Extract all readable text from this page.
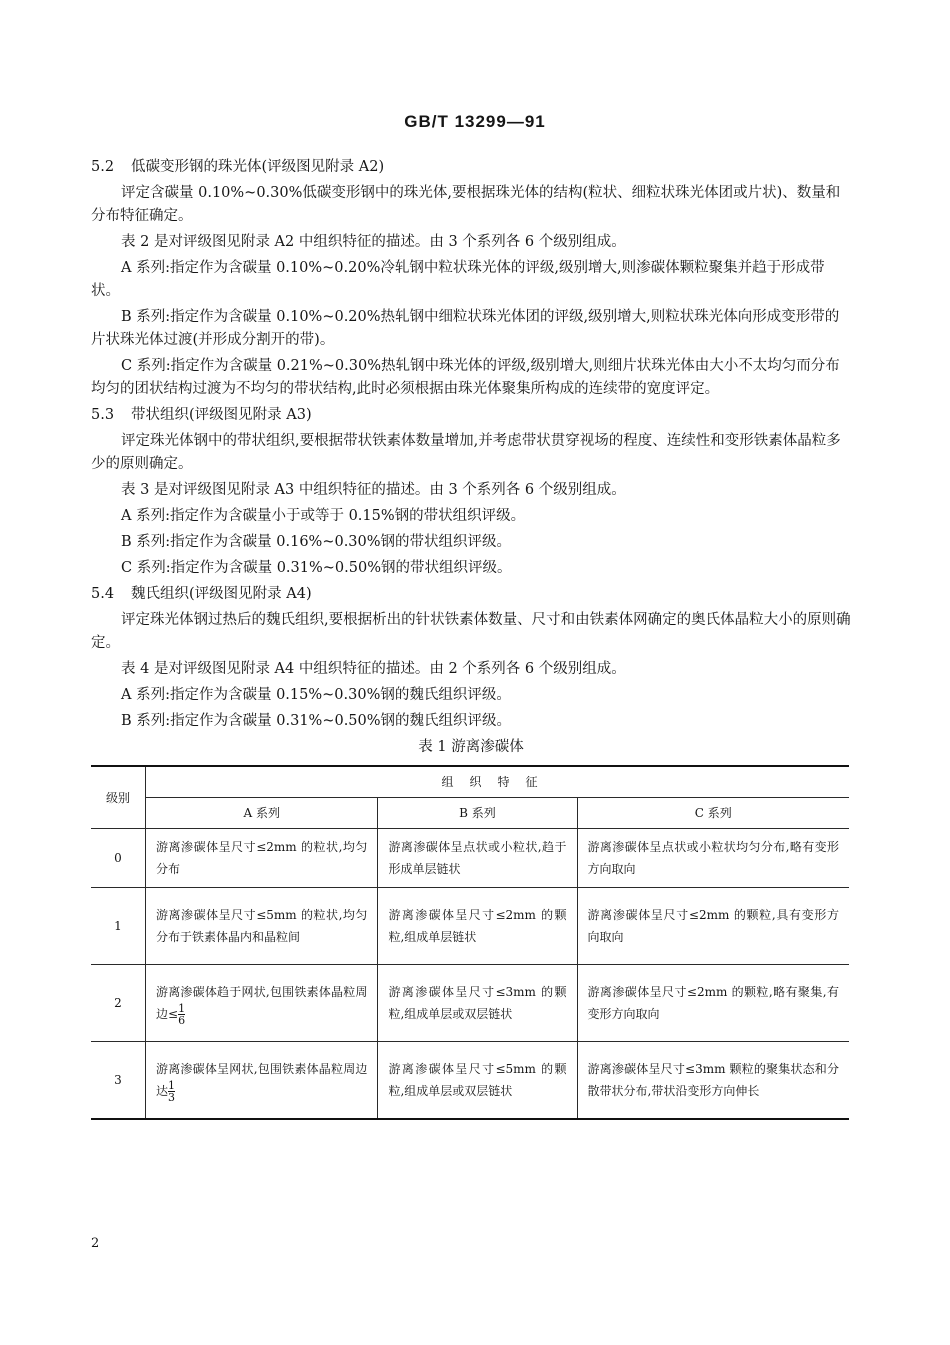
GB/T 13299—91

5.2 低碳变形钢的珠光体(评级图见附录 A2)

评定含碳量 0.10%~0.30%低碳变形钢中的珠光体,要根据珠光体的结构(粒状、细粒状珠光体团或片状)、数量和分布特征确定。

表 2 是对评级图见附录 A2 中组织特征的描述。由 3 个系列各 6 个级别组成。

A 系列:指定作为含碳量 0.10%~0.20%冷轧钢中粒状珠光体的评级,级别增大,则渗碳体颗粒聚集并趋于形成带状。

B 系列:指定作为含碳量 0.10%~0.20%热轧钢中细粒状珠光体团的评级,级别增大,则粒状珠光体向形成变形带的片状珠光体过渡(并形成分割开的带)。

C 系列:指定作为含碳量 0.21%~0.30%热轧钢中珠光体的评级,级别增大,则细片状珠光体由大小不太均匀而分布均匀的团状结构过渡为不均匀的带状结构,此时必须根据由珠光体聚集所构成的连续带的宽度评定。

5.3 带状组织(评级图见附录 A3)

评定珠光体钢中的带状组织,要根据带状铁素体数量增加,并考虑带状贯穿视场的程度、连续性和变形铁素体晶粒多少的原则确定。

表 3 是对评级图见附录 A3 中组织特征的描述。由 3 个系列各 6 个级别组成。

A 系列:指定作为含碳量小于或等于 0.15%钢的带状组织评级。

B 系列:指定作为含碳量 0.16%~0.30%钢的带状组织评级。

C 系列:指定作为含碳量 0.31%~0.50%钢的带状组织评级。

5.4 魏氏组织(评级图见附录 A4)

评定珠光体钢过热后的魏氏组织,要根据析出的针状铁素体数量、尺寸和由铁素体网确定的奥氏体晶粒大小的原则确定。

表 4 是对评级图见附录 A4 中组织特征的描述。由 2 个系列各 6 个级别组成。

A 系列:指定作为含碳量 0.15%~0.30%钢的魏氏组织评级。

B 系列:指定作为含碳量 0.31%~0.50%钢的魏氏组织评级。

表 1 游离渗碳体
级别	组织特征		
	A 系列	B 系列	C 系列
0	游离渗碳体呈尺寸≤2mm 的粒状,均匀分布	游离渗碳体呈点状或小粒状,趋于形成单层链状	游离渗碳体呈点状或小粒状均匀分布,略有变形方向取向
1	游离渗碳体呈尺寸≤5mm 的粒状,均匀分布于铁素体晶内和晶粒间	游离渗碳体呈尺寸≤2mm 的颗粒,组成单层链状	游离渗碳体呈尺寸≤2mm 的颗粒,具有变形方向取向
2	游离渗碳体趋于网状,包围铁素体晶粒周边≤ $\frac{1}{6}$	游离渗碳体呈尺寸≤3mm 的颗粒,组成单层或双层链状	游离渗碳体呈尺寸≤2mm 的颗粒,略有聚集,有变形方向取向
3	游离渗碳体呈网状,包围铁素体晶粒周边达 $\frac{1}{3}$	游离渗碳体呈尺寸≤5mm 的颗粒,组成单层或双层链状	游离渗碳体呈尺寸≤3mm 颗粒的聚集状态和分散带状分布,带状沿变形方向伸长
2
